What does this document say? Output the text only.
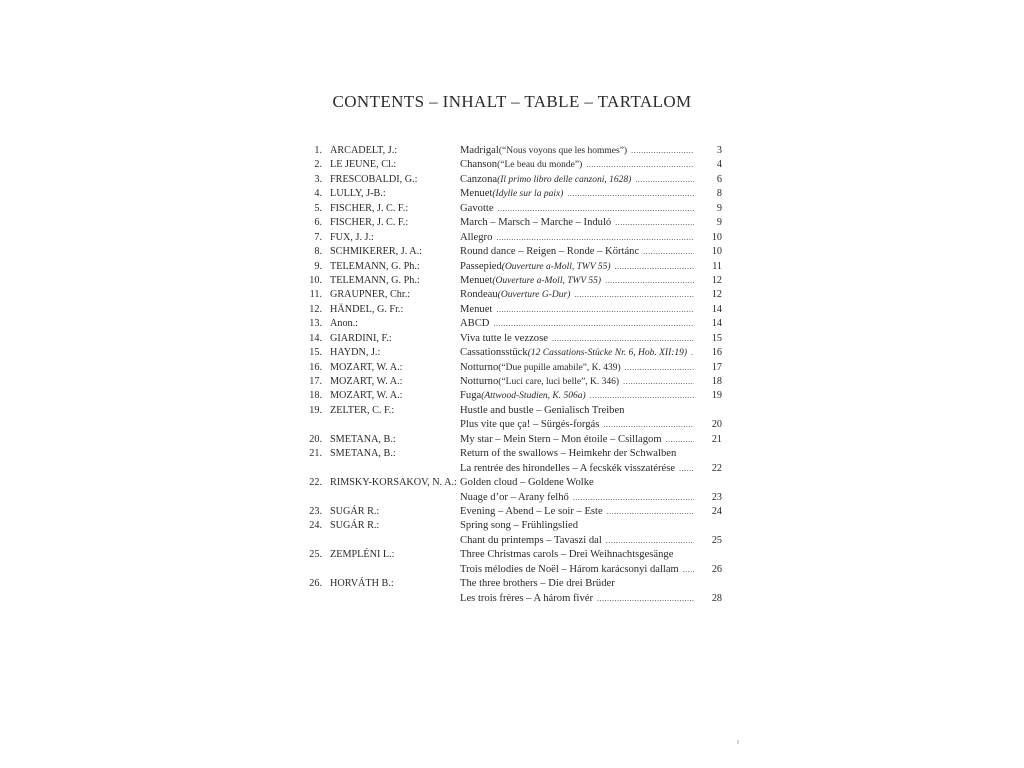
CONTENTS – INHALT – TABLE – TARTALOM
1. ARCADELT, J.:	Madrigal (“Nous voyons que les hommes”) .....	3
2. LE JEUNE, Cl.:	Chanson (“Le beau du monde”) .....	4
3. FRESCOBALDI, G.:	Canzona (Il primo libro delle canzoni, 1628) .....	6
4. LULLY, J-B.:	Menuet (Idylle sur la paix) .....	8
5. FISCHER, J. C. F.:	Gavotte .....	9
6. FISCHER, J. C. F.:	March – Marsch – Marche – Induló .....	9
7. FUX, J. J.:	Allegro .....	10
8. SCHMIKERER, J. A.:	Round dance – Reigen – Ronde – Körtánc .....	10
9. TELEMANN, G. Ph.:	Passepied (Ouverture a-Moll, TWV 55) .....	11
10. TELEMANN, G. Ph.:	Menuet (Ouverture a-Moll, TWV 55) .....	12
11. GRAUPNER, Chr.:	Rondeau (Ouverture G-Dur) .....	12
12. HÄNDEL, G. Fr.:	Menuet .....	14
13. Anon.:	ABCD .....	14
14. GIARDINI, F.:	Viva tutte le vezzose .....	15
15. HAYDN, J.:	Cassationsstück (12 Cassations-Stücke Nr. 6, Hob. XII:19) .....	16
16. MOZART, W. A.:	Notturno (“Due pupille amabile”, K. 439) .....	17
17. MOZART, W. A.:	Notturno (“Luci care, luci belle”, K. 346) .....	18
18. MOZART, W. A.:	Fuga (Attwood-Studien, K. 506a) .....	19
19. ZELTER, C. F.:	Hustle and bustle – Genialisch Treiben
Plus vite que ça! – Sürgés-forgás .....	20
20. SMETANA, B.:	My star – Mein Stern – Mon étoile – Csillagom .....	21
21. SMETANA, B.:	Return of the swallows – Heimkehr der Schwalben
La rentrée des hirondelles – A fecskék visszatérése .....	22
22. RIMSKY-KORSAKOV, N. A.: Golden cloud – Goldene Wolke
Nuage d’or – Arany felhő .....	23
23. SUGÁR R.:	Evening – Abend – Le soir – Este .....	24
24. SUGÁR R.:	Spring song – Frühlingslied
Chant du printemps – Tavaszi dal .....	25
25. ZEMPLÉNI L.:	Three Christmas carols – Drei Weihnachtsgesänge
Trois mélodies de Noël – Három karácsonyi dallam .....	26
26. HORVÁTH B.:	The three brothers – Die drei Brüder
Les trois frères – A három fivér .....	28
